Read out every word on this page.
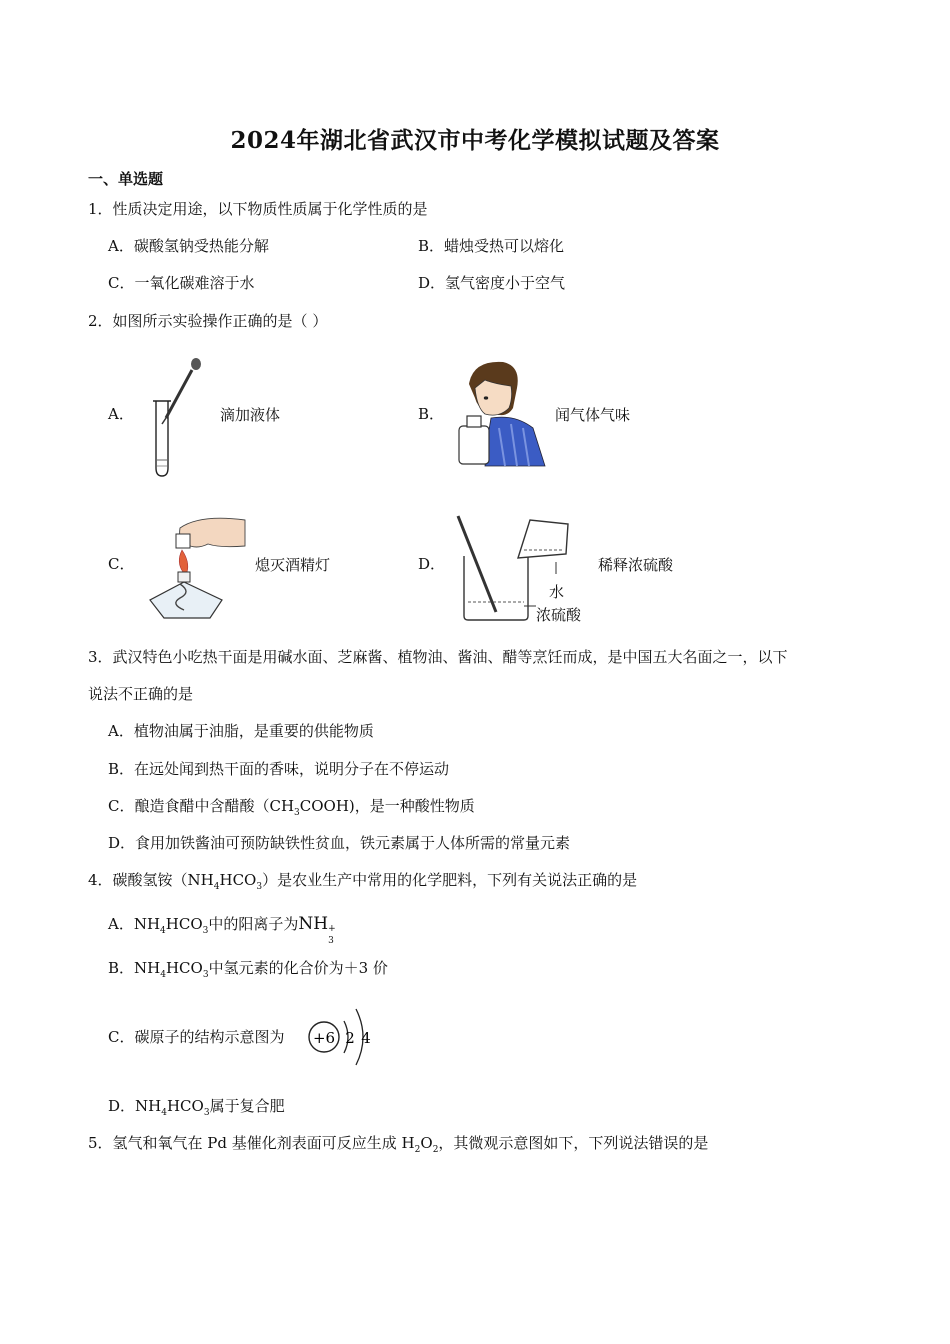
2024年湖北省武汉市中考化学模拟试题及答案
一、单选题
1．性质决定用途，以下物质性质属于化学性质的是
A．碳酸氢钠受热能分解	B．蜡烛受热可以熔化
C．一氧化碳难溶于水	D．氢气密度小于空气
2．如图所示实验操作正确的是（ ）
A．	滴加液体	B．	闻气体气味
C．	熄灭酒精灯	D．
水
浓硫酸
稀释浓硫酸
3．武汉特色小吃热干面是用碱水面、芝麻酱、植物油、酱油、醋等烹饪而成，是中国五大名面之一，以下
说法不正确的是
A．植物油属于油脂，是重要的供能物质
B．在远处闻到热干面的香味，说明分子在不停运动
C．酿造食醋中含醋酸$(CH_3COOH)$，是一种酸性物质
D．食用加铁酱油可预防缺铁性贫血，铁元素属于人体所需的常量元素
4．碳酸氢铵$(NH_4HCO_3)$是农业生产中常用的化学肥料，下列有关说法正确的是
A．$NH_4HCO_3$中的阳离子为NH +
3
B．$NH_4HCO_3$中氢元素的化合价为＋3 价
C．碳原子的结构示意图为 +6 2 4
D．$NH_4HCO_3$属于复合肥
5．氢气和氧气在 Pd 基催化剂表面可反应生成 $H_2O_2$，其微观示意图如下，下列说法错误的是
